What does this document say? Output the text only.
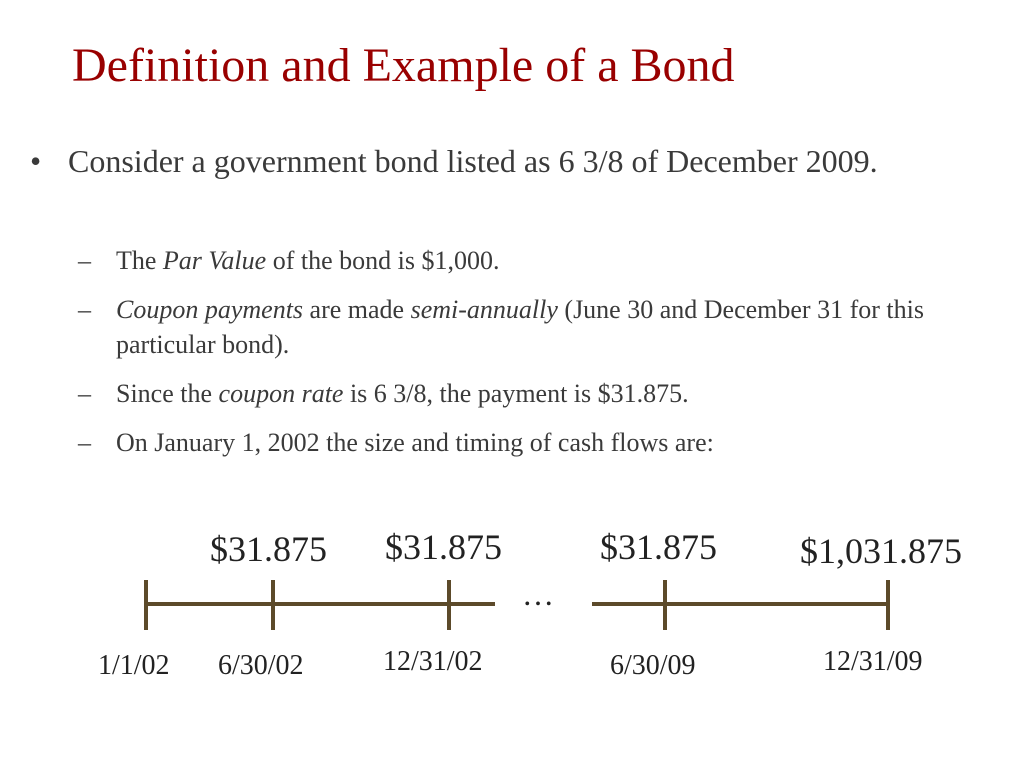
Definition and Example of a Bond
• Consider a government bond listed as 6 3/8 of December 2009.
– The Par Value of the bond is $1,000.
– Coupon payments are made semi-annually (June 30 and December 31 for this particular bond).
– Since the coupon rate is 6 3/8, the payment is $31.875.
– On January 1, 2002 the size and timing of cash flows are:
$31.875 $31.875	$31.875 $1,031.875
…
1/1/02 6/30/02	12/31/02	6/30/09	12/31/09
